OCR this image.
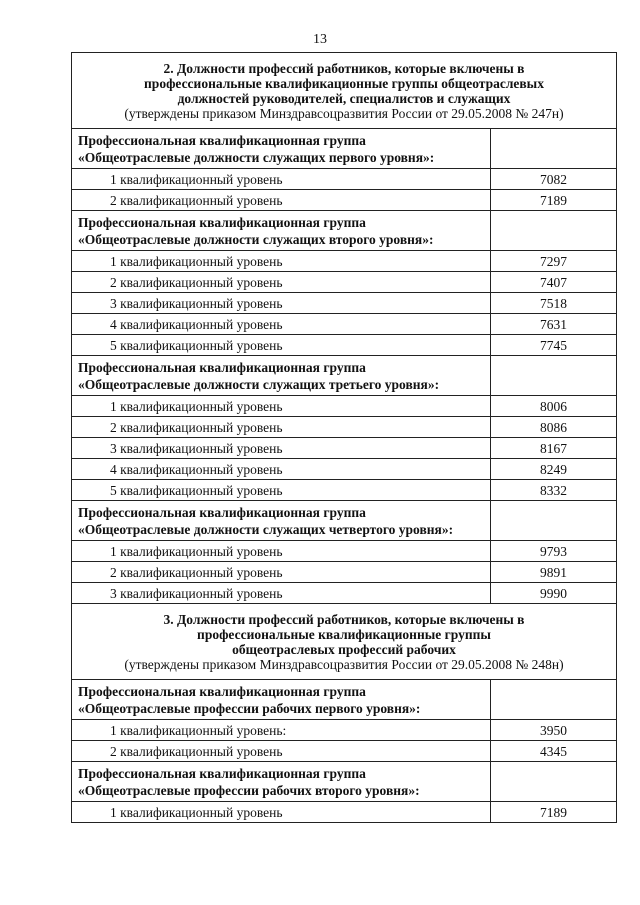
13
2. Должности профессий работников, которые включены в
профессиональные квалификационные группы общеотраслевых
должностей руководителей, специалистов и служащих
(утверждены приказом Минздравсоцразвития России от 29.05.2008 № 247н)	

Профессиональная квалификационная группа
«Общеотраслевые должности служащих первого уровня»:	

1 квалификационный уровень	7082
2 квалификационный уровень	7189

Профессиональная квалификационная группа
«Общеотраслевые должности служащих второго уровня»:	

1 квалификационный уровень	7297
2 квалификационный уровень	7407
3 квалификационный уровень	7518
4 квалификационный уровень	7631
5 квалификационный уровень	7745

Профессиональная квалификационная группа
«Общеотраслевые должности служащих третьего уровня»:	

1 квалификационный уровень	8006
2 квалификационный уровень	8086
3 квалификационный уровень	8167
4 квалификационный уровень	8249
5 квалификационный уровень	8332

Профессиональная квалификационная группа
«Общеотраслевые должности служащих четвертого уровня»:	

1 квалификационный уровень	9793
2 квалификационный уровень	9891
3 квалификационный уровень	9990

3. Должности профессий работников, которые включены в
профессиональные квалификационные группы
общеотраслевых профессий рабочих
(утверждены приказом Минздравсоцразвития России от 29.05.2008 № 248н)	

Профессиональная квалификационная группа
«Общеотраслевые профессии рабочих первого уровня»:	

1 квалификационный уровень:	3950
2 квалификационный уровень	4345

Профессиональная квалификационная группа
«Общеотраслевые профессии рабочих второго уровня»:	

1 квалификационный уровень	7189
